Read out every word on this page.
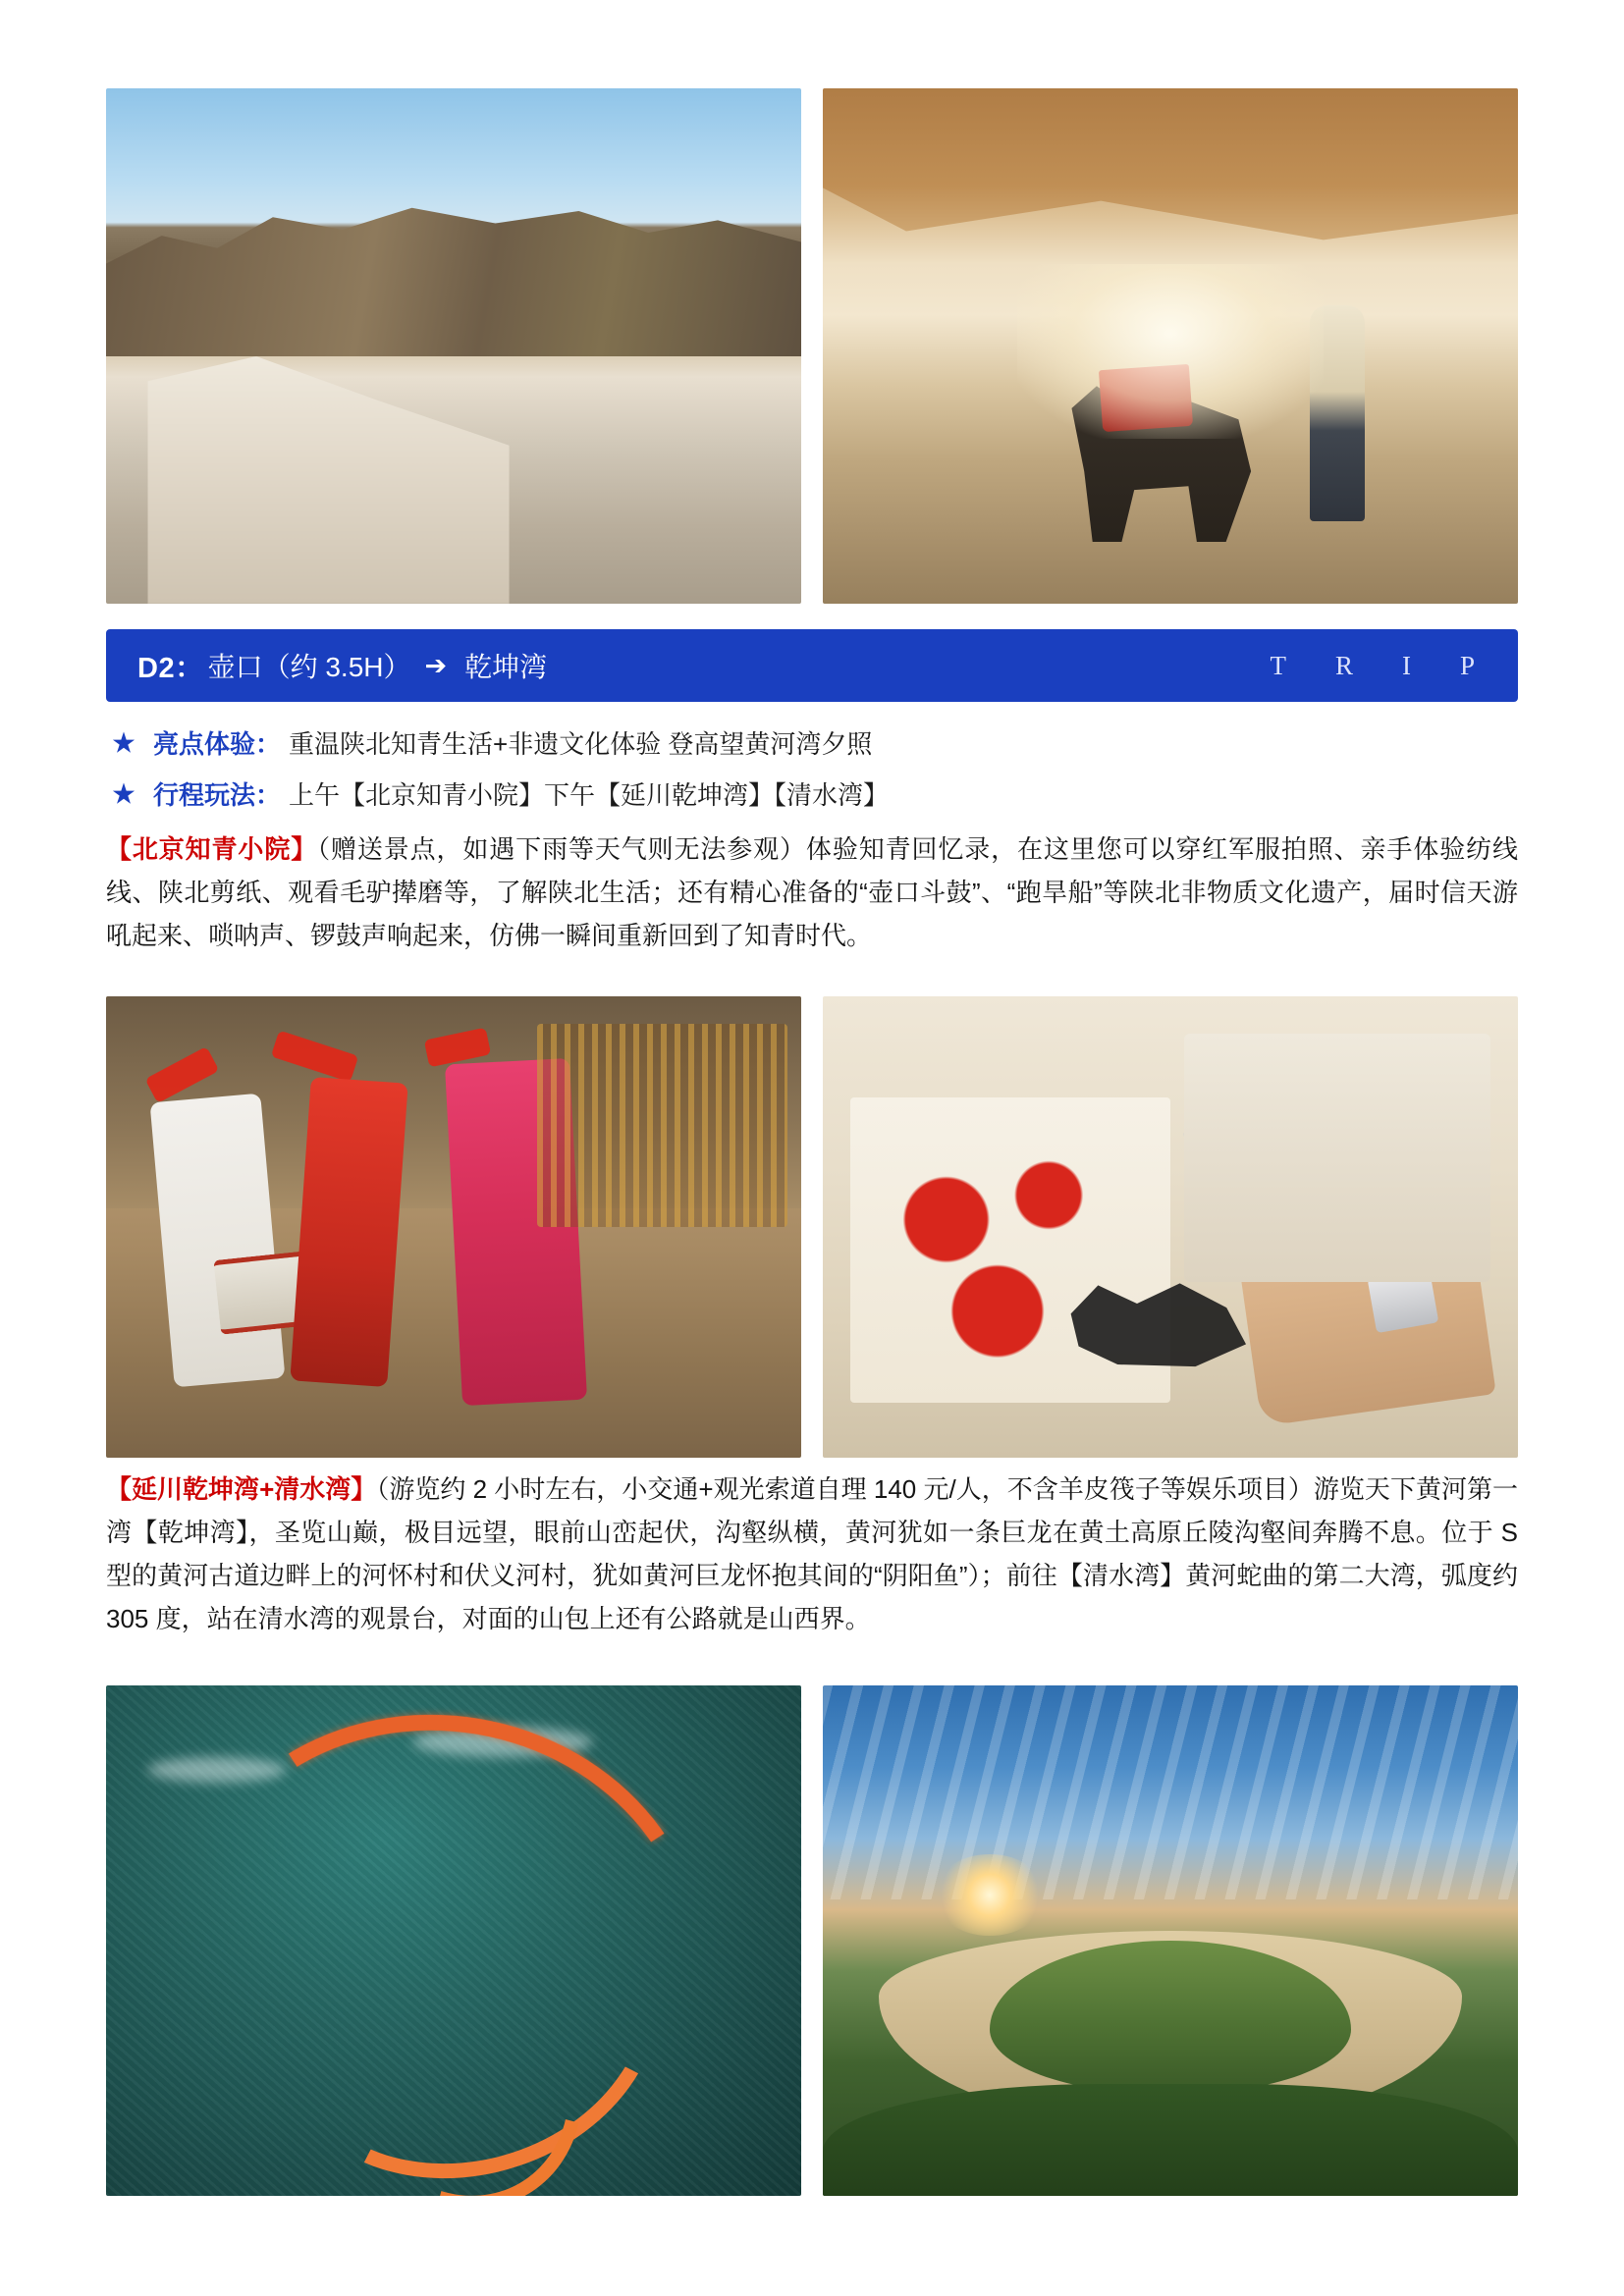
D2： 壶口（约 3.5H） ➔ 乾坤湾	T R I P
★ 亮点体验： 重温陕北知青生活+非遗文化体验 登高望黄河湾夕照
★ 行程玩法： 上午【北京知青小院】下午【延川乾坤湾】【清水湾】

【北京知青小院】（赠送景点，如遇下雨等天气则无法参观）体验知青回忆录，在这里您可以穿红军服拍照、亲手体验纺线线、陕北剪纸、观看毛驴撵磨等，了解陕北生活；还有精心准备的“壶口斗鼓”、“跑旱船”等陕北非物质文化遗产，届时信天游吼起来、唢呐声、锣鼓声响起来，仿佛一瞬间重新回到了知青时代。

【延川乾坤湾+清水湾】（游览约 2 小时左右，小交通+观光索道自理 140 元/人，不含羊皮筏子等娱乐项目）游览天下黄河第一湾【乾坤湾】，圣览山巅，极目远望，眼前山峦起伏，沟壑纵横，黄河犹如一条巨龙在黄土高原丘陵沟壑间奔腾不息。位于 S 型的黄河古道边畔上的河怀村和伏义河村，犹如黄河巨龙怀抱其间的“阴阳鱼”）；前往【清水湾】黄河蛇曲的第二大湾，弧度约 305 度，站在清水湾的观景台，对面的山包上还有公路就是山西界。
